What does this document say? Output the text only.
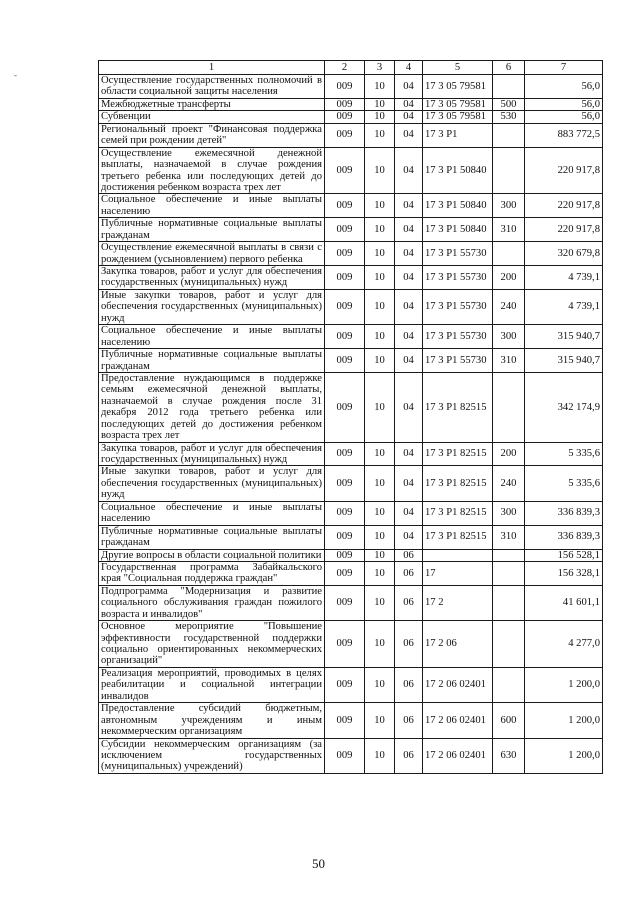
-
1	2	3	4	5	6	7
Осуществление государственных полномочий в области социальной защиты населения	009	10	04	17 3 05 79581		56,0
Межбюджетные трансферты	009	10	04	17 3 05 79581	500	56,0
Субвенции	009	10	04	17 3 05 79581	530	56,0
Региональный проект "Финансовая поддержка семей при рождении детей"	009	10	04	17 3 Р1		883 772,5
Осуществление ежемесячной денежной выплаты, назначаемой в случае рождения третьего ребенка или последующих детей до достижения ребенком возраста трех лет	009	10	04	17 3 Р1 50840		220 917,8
Социальное обеспечение и иные выплаты населению	009	10	04	17 3 Р1 50840	300	220 917,8
Публичные нормативные социальные выплаты гражданам	009	10	04	17 3 Р1 50840	310	220 917,8
Осуществление ежемесячной выплаты в связи с рождением (усыновлением) первого ребенка	009	10	04	17 3 Р1 55730		320 679,8
Закупка товаров, работ и услуг для обеспечения государственных (муниципальных) нужд	009	10	04	17 3 Р1 55730	200	4 739,1
Иные закупки товаров, работ и услуг для обеспечения государственных (муниципальных) нужд	009	10	04	17 3 Р1 55730	240	4 739,1
Социальное обеспечение и иные выплаты населению	009	10	04	17 3 Р1 55730	300	315 940,7
Публичные нормативные социальные выплаты гражданам	009	10	04	17 3 Р1 55730	310	315 940,7
Предоставление нуждающимся в поддержке семьям ежемесячной денежной выплаты, назначаемой в случае рождения после 31 декабря 2012 года третьего ребенка или последующих детей до достижения ребенком возраста трех лет	009	10	04	17 3 Р1 82515		342 174,9
Закупка товаров, работ и услуг для обеспечения государственных (муниципальных) нужд	009	10	04	17 3 Р1 82515	200	5 335,6
Иные закупки товаров, работ и услуг для обеспечения государственных (муниципальных) нужд	009	10	04	17 3 Р1 82515	240	5 335,6
Социальное обеспечение и иные выплаты населению	009	10	04	17 3 Р1 82515	300	336 839,3
Публичные нормативные социальные выплаты гражданам	009	10	04	17 3 Р1 82515	310	336 839,3
Другие вопросы в области социальной политики	009	10	06			156 528,1
Государственная программа Забайкальского края "Социальная поддержка граждан"	009	10	06	17		156 328,1
Подпрограмма "Модернизация и развитие социального обслуживания граждан пожилого возраста и инвалидов"	009	10	06	17 2		41 601,1
Основное мероприятие "Повышение эффективности государственной поддержки социально ориентированных некоммерческих организаций"	009	10	06	17 2 06		4 277,0
Реализация мероприятий, проводимых в целях реабилитации и социальной интеграции инвалидов	009	10	06	17 2 06 02401		1 200,0
Предоставление субсидий бюджетным, автономным учреждениям и иным некоммерческим организациям	009	10	06	17 2 06 02401	600	1 200,0
Субсидии некоммерческим организациям (за исключением государственных (муниципальных) учреждений)	009	10	06	17 2 06 02401	630	1 200,0
50
